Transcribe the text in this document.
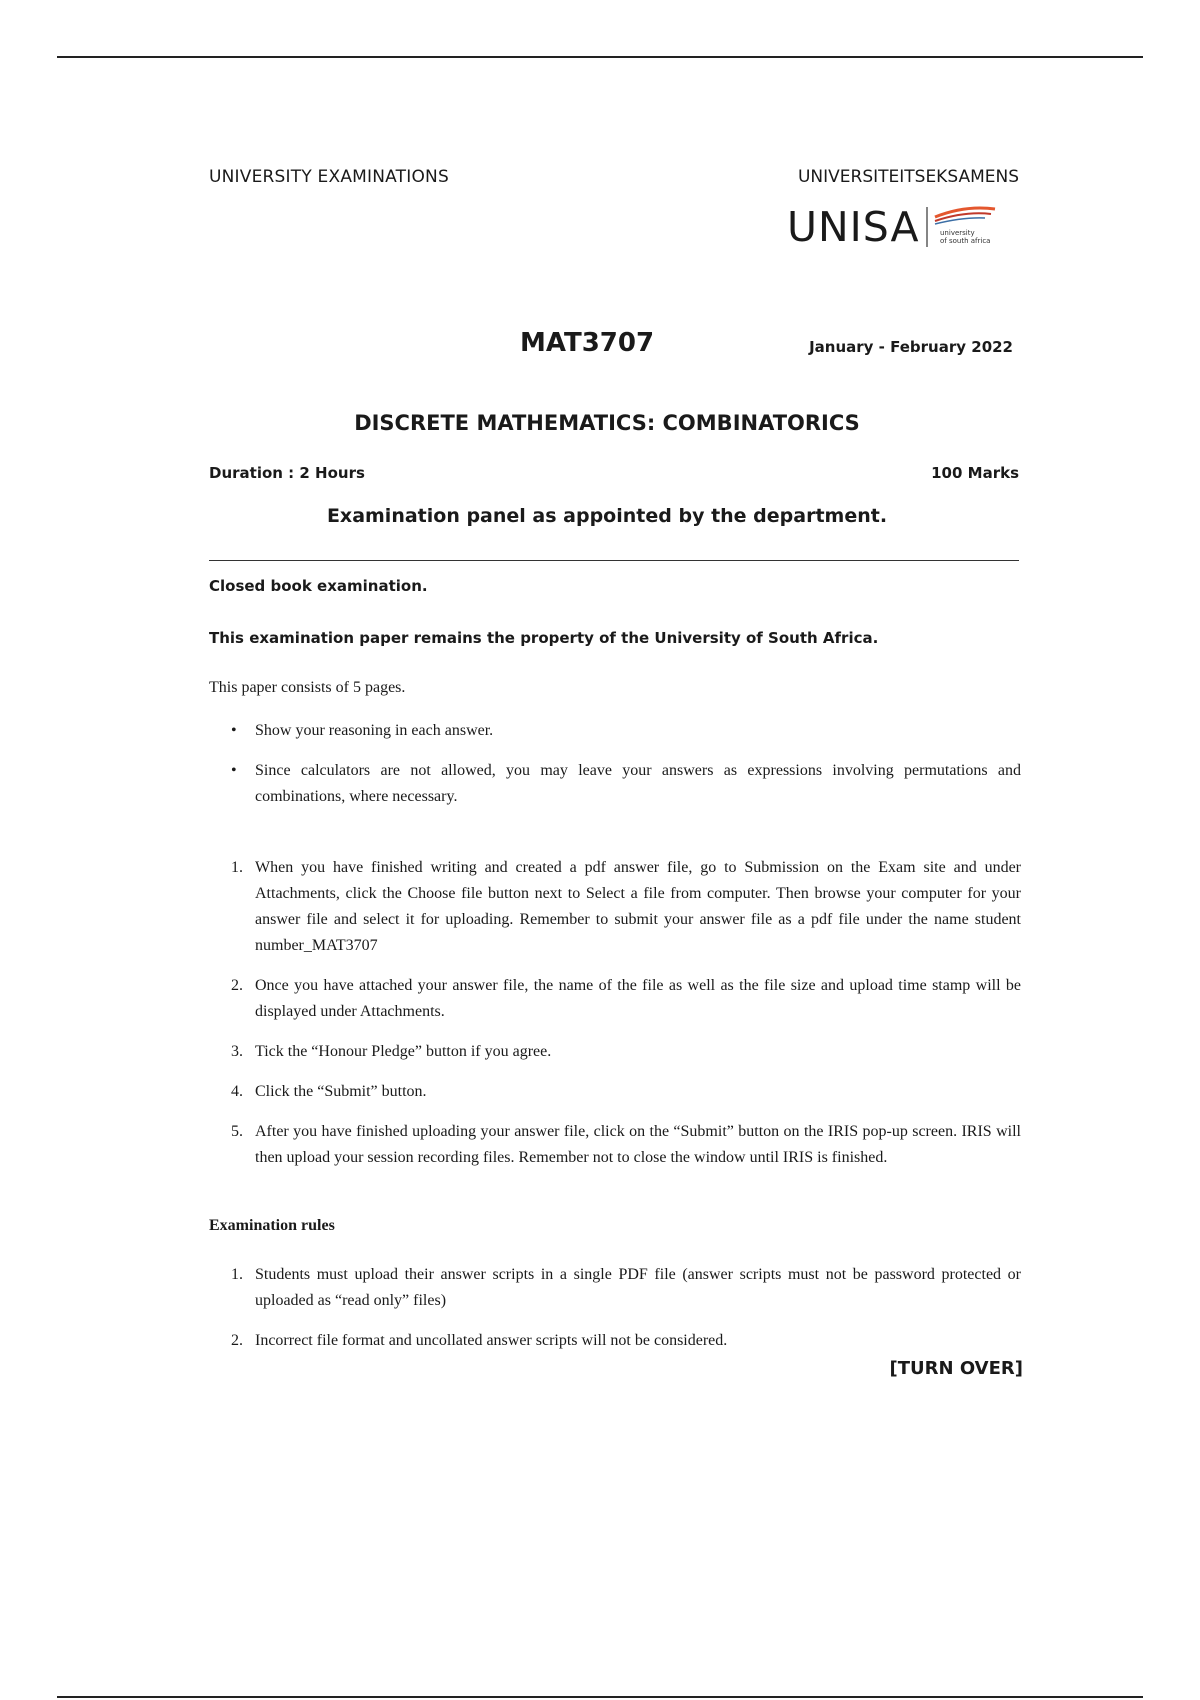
UNIVERSITY EXAMINATIONS	UNIVERSITEITSEKSAMENS
UNISA	university
of south africa
MAT3707	January - February 2022
DISCRETE MATHEMATICS: COMBINATORICS
Duration : 2 Hours	100 Marks
Examination panel as appointed by the department.
Closed book examination.
This examination paper remains the property of the University of South Africa.
This paper consists of 5 pages.
•	Show your reasoning in each answer.
•	Since calculators are not allowed, you may leave your answers as expressions involving permutations and combinations, where necessary.
1. When you have finished writing and created a pdf answer file, go to Submission on the Exam site and under Attachments, click the Choose file button next to Select a file from computer. Then browse your computer for your answer file and select it for uploading. Remember to submit your answer file as a pdf file under the name student number_MAT3707
2. Once you have attached your answer file, the name of the file as well as the file size and upload time stamp will be displayed under Attachments.
3. Tick the “Honour Pledge” button if you agree.
4. Click the “Submit” button.
5. After you have finished uploading your answer file, click on the “Submit” button on the IRIS pop-up screen. IRIS will then upload your session recording files. Remember not to close the window until IRIS is finished.
Examination rules
1. Students must upload their answer scripts in a single PDF file (answer scripts must not be password protected or uploaded as “read only” files)
2. Incorrect file format and uncollated answer scripts will not be considered.
[TURN OVER]
